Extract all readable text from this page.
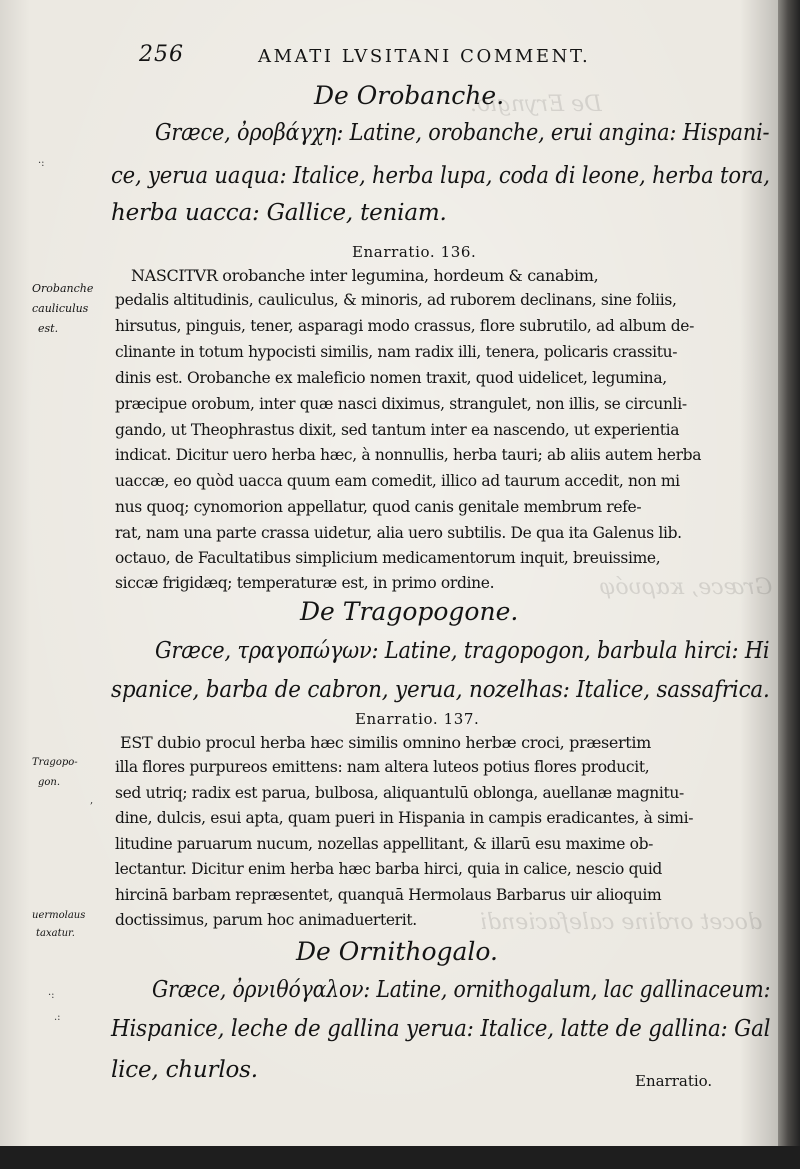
De Eryngio.
Græce, καρυόφ
docet ordine calefaciendi
256	AMATI LVSITANI COMMENT.
De Orobanche.
Græce, ὀροβάγχη: Latine, orobanche, erui angina: Hispani-
ce, yerua uaqua: Italice, herba lupa, coda di leone, herba tora,
herba uacca: Gallice, teniam.
Enarratio. 136.
NASCITVR orobanche inter legumina, hordeum & canabim,
pedalis altitudinis, cauliculus, & minoris, ad ruborem declinans, sine foliis,
hirsutus, pinguis, tener, asparagi modo crassus, flore subrutilo, ad album de-
clinante in totum hypocisti similis, nam radix illi, tenera, policaris crassitu-
dinis est. Orobanche ex maleficio nomen traxit, quod uidelicet, legumina,
præcipue orobum, inter quæ nasci diximus, strangulet, non illis, se circunli-
gando, ut Theophrastus dixit, sed tantum inter ea nascendo, ut experientia
indicat. Dicitur uero herba hæc, à nonnullis, herba tauri; ab aliis autem herba
uaccæ, eo quòd uacca quum eam comedit, illico ad taurum accedit, non mi
nus quoq; cynomorion appellatur, quod canis genitale membrum refe-
rat, nam una parte crassa uidetur, alia uero subtilis. De qua ita Galenus lib.
octauo, de Facultatibus simplicium medicamentorum inquit, breuissime,
siccæ frigidæq; temperaturæ est, in primo ordine.
De Tragopogone.
Græce, τραγοπώγων: Latine, tragopogon, barbula hirci: Hi
spanice, barba de cabron, yerua, nozelhas: Italice, sassafrica.
Enarratio. 137.
EST dubio procul herba hæc similis omnino herbæ croci, præsertim
illa flores purpureos emittens: nam altera luteos potius flores producit,
sed utriq; radix est parua, bulbosa, aliquantulū oblonga, auellanæ magnitu-
dine, dulcis, esui apta, quam pueri in Hispania in campis eradicantes, à simi-
litudine paruarum nucum, nozellas appellitant, & illarū esu maxime ob-
lectantur. Dicitur enim herba hæc barba hirci, quia in calice, nescio quid
hircinā barbam repræsentet, quanquā Hermolaus Barbarus uir alioquim
doctissimus, parum hoc animaduerterit.
De Ornithogalo.
Græce, ὀρνιθόγαλον: Latine, ornithogalum, lac gallinaceum:
Hispanice, leche de gallina yerua: Italice, latte de gallina: Gal
lice, churlos.
Orobanche
cauliculus
est.
Tragopo-
gon.
uermolaus
taxatur.
·:
,
·:
.:
Enarratio.
